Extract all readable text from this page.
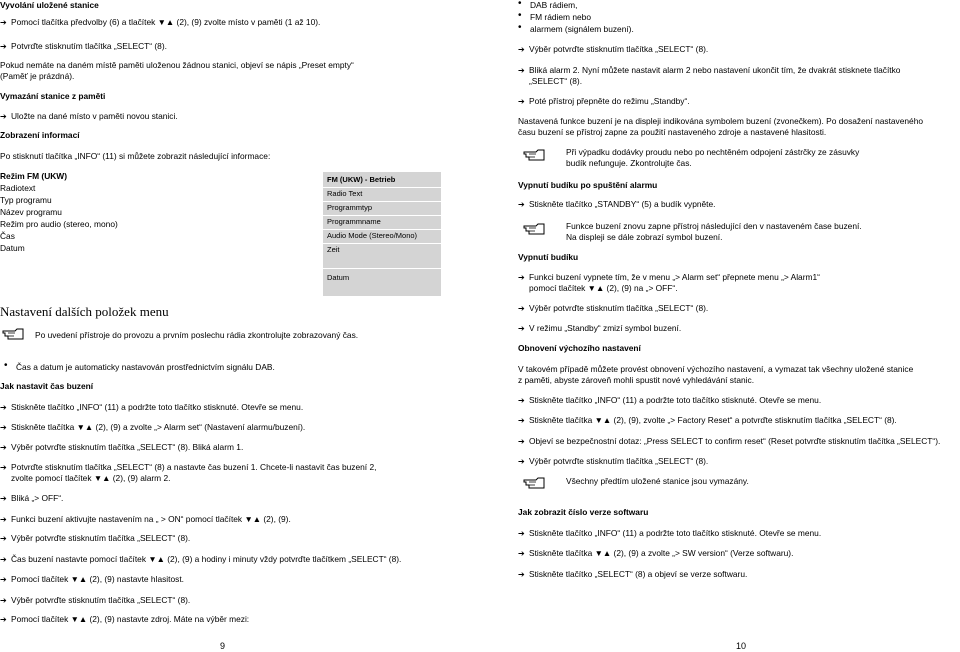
Vyvolání uložené stanice
➔ Pomocí tlačítka předvolby (6) a tlačítek ▼▲ (2), (9) zvolte místo v paměti (1 až 10).
➔ Potvrďte stisknutím tlačítka „SELECT“ (8).
Pokud nemáte na daném místě paměti uloženou žádnou stanici, objeví se nápis „Preset empty“
(Paměť je prázdná).
Vymazání stanice z paměti
➔ Uložte na dané místo v paměti novou stanici.
Zobrazení informací
Po stisknutí tlačítka „INFO“ (11) si můžete zobrazit následující informace:
Režim FM (UKW)
Radiotext
Typ programu
Název programu
Režim pro audio (stereo, mono)
Čas
Datum
FM (UKW) - Betrieb
Radio Text
Programmtyp
Programmname
Audio Mode (Stereo/Mono)
Zeit
Datum
Nastavení dalších položek menu
Po uvedení přístroje do provozu a prvním poslechu rádia zkontrolujte zobrazovaný čas.
• Čas a datum je automaticky nastavován prostřednictvím signálu DAB.
Jak nastavit čas buzení
➔ Stiskněte tlačítko „INFO“ (11) a podržte toto tlačítko stisknuté. Otevře se menu.
➔ Stiskněte tlačítka ▼▲ (2), (9) a zvolte „> Alarm set“ (Nastavení alarmu/buzení).
➔ Výběr potvrďte stisknutím tlačítka „SELECT“ (8). Bliká alarm 1.
➔ Potvrďte stisknutím tlačítka „SELECT“ (8) a nastavte čas buzení 1. Chcete-li nastavit čas buzení 2,
zvolte pomocí tlačítek ▼▲ (2), (9) alarm 2.
➔ Bliká „> OFF“.
➔ Funkci buzení aktivujte nastavením na „ > ON“ pomocí tlačítek ▼▲ (2), (9).
➔ Výběr potvrďte stisknutím tlačítka „SELECT“ (8).
➔ Čas buzení nastavte pomocí tlačítek ▼▲ (2), (9) a hodiny i minuty vždy potvrďte tlačítkem „SELECT“ (8).
➔ Pomocí tlačítek ▼▲ (2), (9) nastavte hlasitost.
➔ Výběr potvrďte stisknutím tlačítka „SELECT“ (8).
➔ Pomocí tlačítek ▼▲ (2), (9) nastavte zdroj. Máte na výběr mezi:
9
• DAB rádiem,
• FM rádiem nebo
• alarmem (signálem buzení).
➔ Výběr potvrďte stisknutím tlačítka „SELECT“ (8).
➔ Bliká alarm 2. Nyní můžete nastavit alarm 2 nebo nastavení ukončit tím, že dvakrát stisknete tlačítko
„SELECT“ (8).
➔ Poté přístroj přepněte do režimu „Standby“.
Nastavená funkce buzení je na displeji indikována symbolem buzení (zvonečkem). Po dosažení nastaveného
času buzení se přístroj zapne za použití nastaveného zdroje a nastavené hlasitosti.
Při výpadku dodávky proudu nebo po nechtěném odpojení zástrčky ze zásuvky
budík nefunguje. Zkontrolujte čas.
Vypnutí budíku po spuštění alarmu
➔ Stiskněte tlačítko „STANDBY“ (5) a budík vypněte.
Funkce buzení znovu zapne přístroj následující den v nastaveném čase buzení.
Na displeji se dále zobrazí symbol buzení.
Vypnutí budíku
➔ Funkci buzení vypnete tím, že v menu „> Alarm set“ přepnete menu „> Alarm1“
pomocí tlačítek ▼▲ (2), (9) na „> OFF“.
➔ Výběr potvrďte stisknutím tlačítka „SELECT“ (8).
➔ V režimu „Standby“ zmizí symbol buzení.
Obnovení výchozího nastavení
V takovém případě můžete provést obnovení výchozího nastavení, a vymazat tak všechny uložené stanice
z paměti, abyste zároveň mohli spustit nové vyhledávání stanic.
➔ Stiskněte tlačítko „INFO“ (11) a podržte toto tlačítko stisknuté. Otevře se menu.
➔ Stiskněte tlačítka ▼▲ (2), (9), zvolte „> Factory Reset“ a potvrďte stisknutím tlačítka „SELECT“ (8).
➔ Objeví se bezpečnostní dotaz: „Press SELECT to confirm reset“ (Reset potvrďte stisknutím tlačítka „SELECT“).
➔ Výběr potvrďte stisknutím tlačítka „SELECT“ (8).
Všechny předtím uložené stanice jsou vymazány.
Jak zobrazit číslo verze softwaru
➔ Stiskněte tlačítko „INFO“ (11) a podržte toto tlačítko stisknuté. Otevře se menu.
➔ Stiskněte tlačítka ▼▲ (2), (9) a zvolte „> SW version“ (Verze softwaru).
➔ Stiskněte tlačítko „SELECT“ (8) a objeví se verze softwaru.
10
